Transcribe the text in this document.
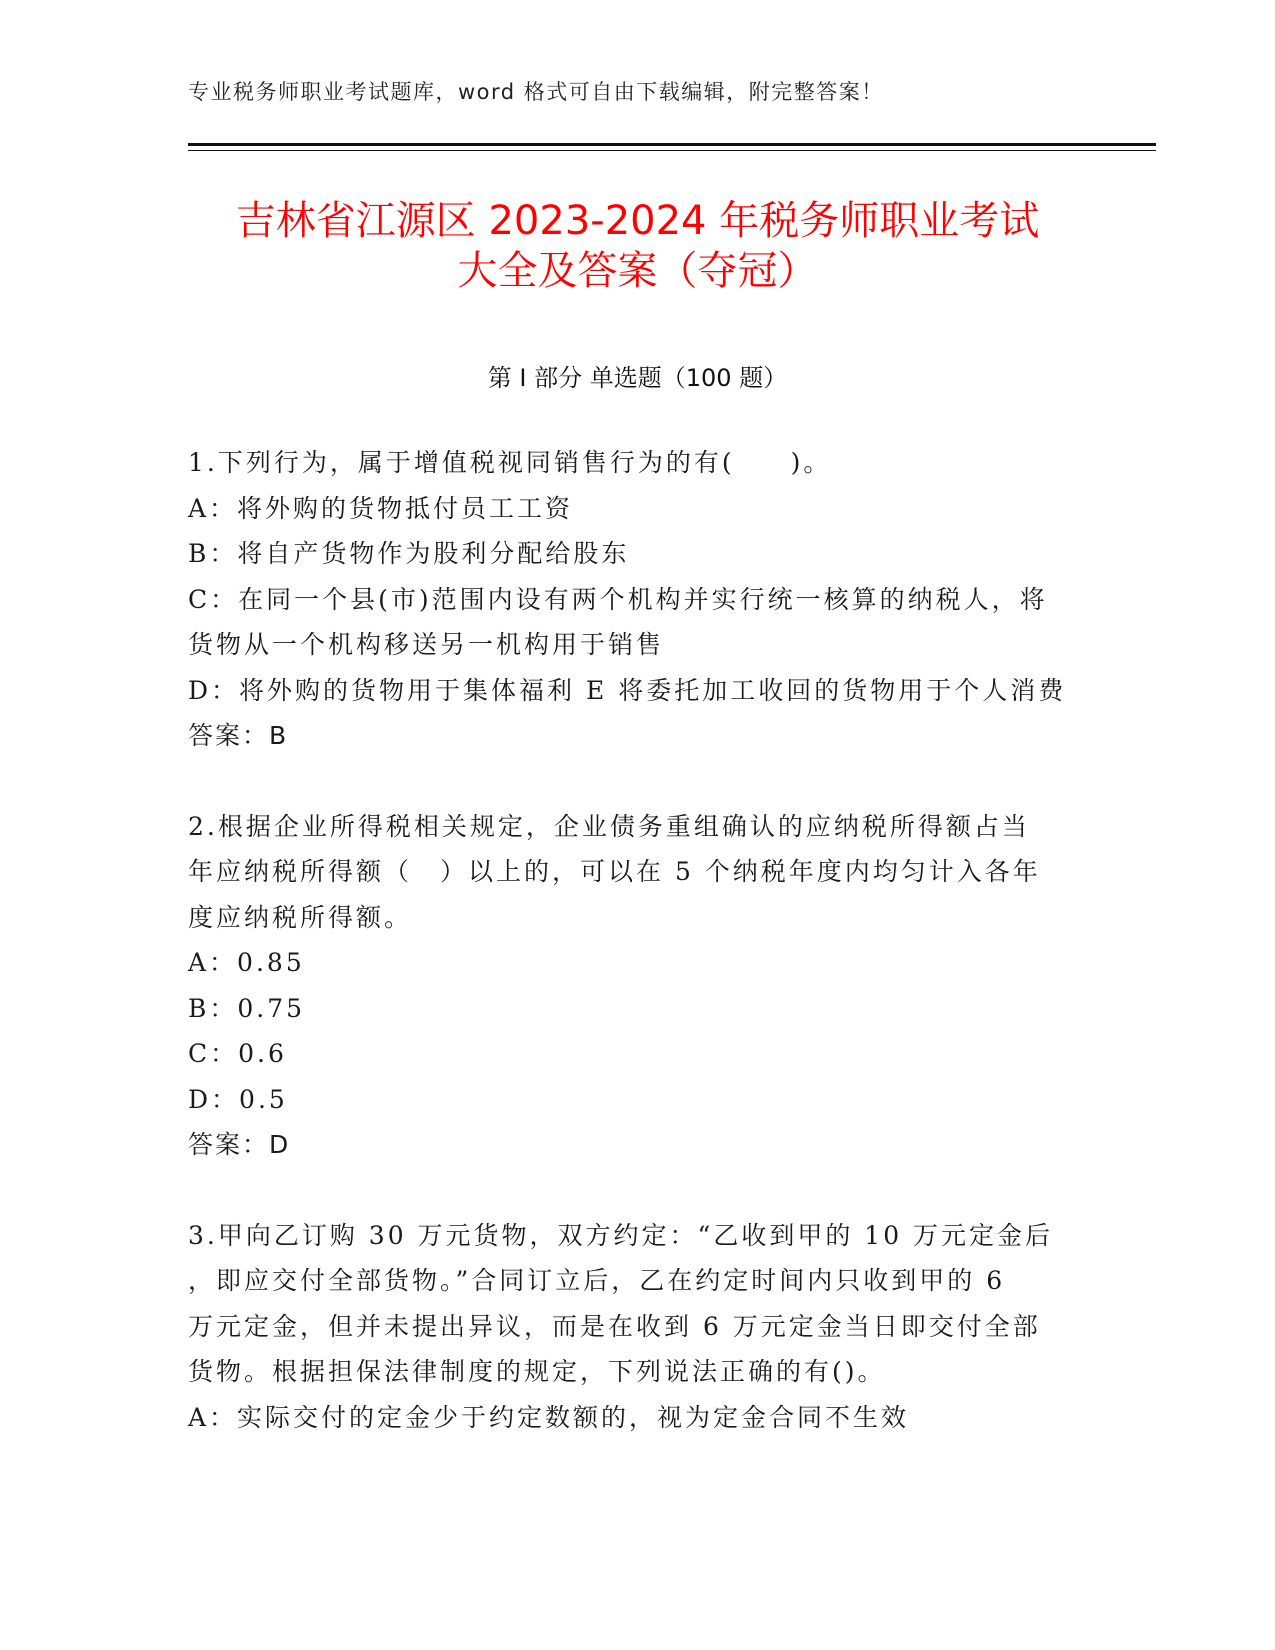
专业税务师职业考试题库，word 格式可自由下载编辑，附完整答案！
吉林省江源区 2023-2024 年税务师职业考试
大全及答案（夺冠）
第 I 部分 单选题（100 题）
1.下列行为，属于增值税视同销售行为的有(　　)。
A：将外购的货物抵付员工工资
B：将自产货物作为股利分配给股东
C：在同一个县(市)范围内设有两个机构并实行统一核算的纳税人，将
货物从一个机构移送另一机构用于销售
D：将外购的货物用于集体福利 E 将委托加工收回的货物用于个人消费
答案：B
2.根据企业所得税相关规定，企业债务重组确认的应纳税所得额占当
年应纳税所得额（　）以上的，可以在 5 个纳税年度内均匀计入各年
度应纳税所得额。
A：0.85
B：0.75
C：0.6
D：0.5
答案：D
3.甲向乙订购 30 万元货物，双方约定：“乙收到甲的 10 万元定金后
，即应交付全部货物。”合同订立后，乙在约定时间内只收到甲的 6
万元定金，但并未提出异议，而是在收到 6 万元定金当日即交付全部
货物。根据担保法律制度的规定，下列说法正确的有()。
A：实际交付的定金少于约定数额的，视为定金合同不生效
